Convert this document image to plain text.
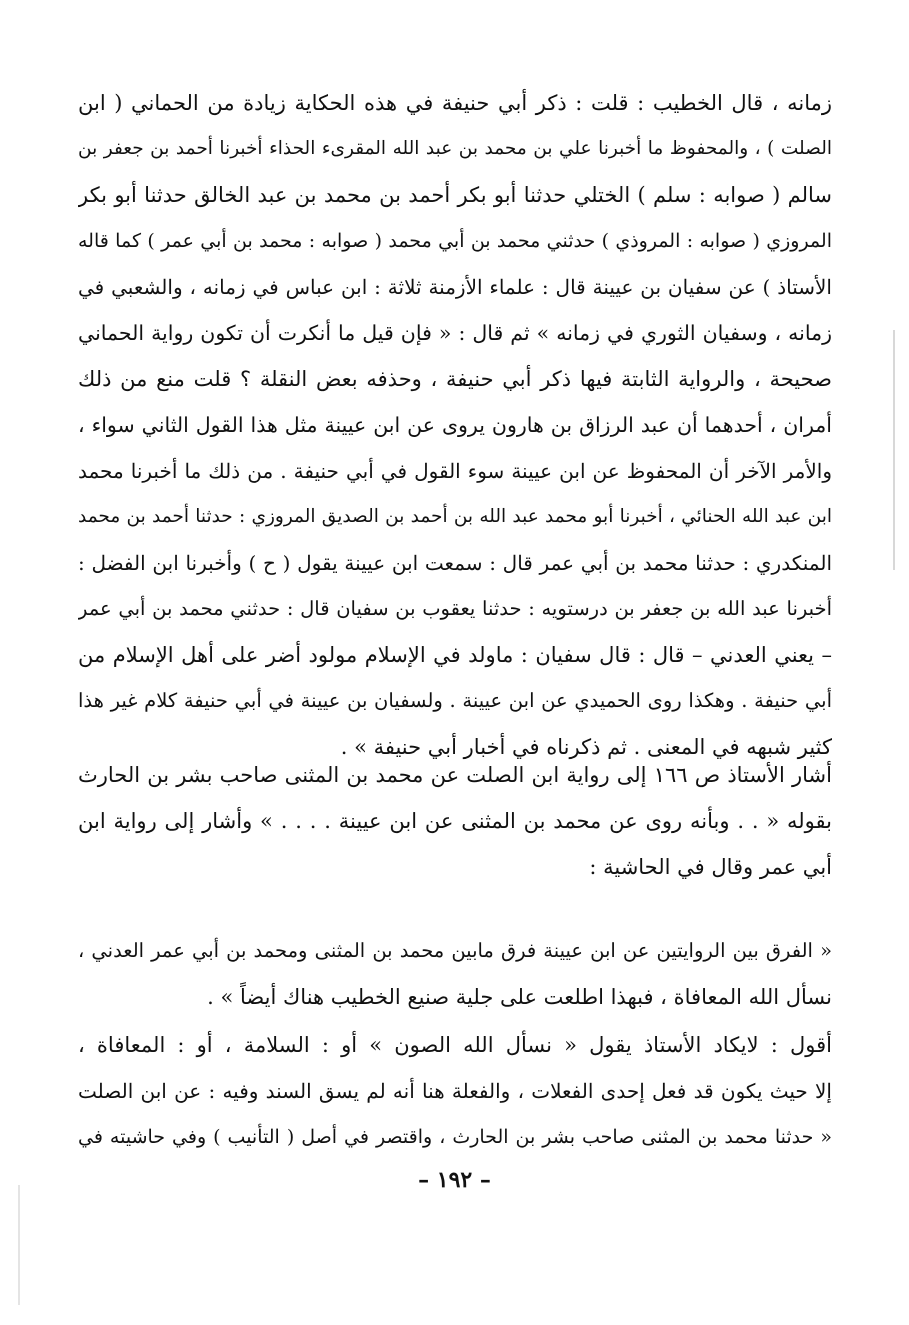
زمانه ، قال الخطيب : قلت : ذكر أبي حنيفة في هذه الحكاية زيادة من الحماني ( ابن
الصلت ) ، والمحفوظ ما أخبرنا علي بن محمد بن عبد الله المقرىء الحذاء أخبرنا أحمد بن جعفر بن
سالم ( صوابه : سلم ) الختلي حدثنا أبو بكر أحمد بن محمد بن عبد الخالق حدثنا أبو بكر
المروزي ( صوابه : المروذي ) حدثني محمد بن أبي محمد ( صوابه : محمد بن أبي عمر ) كما قاله
الأستاذ ) عن سفيان بن عيينة قال : علماء الأزمنة ثلاثة : ابن عباس في زمانه ، والشعبي في
زمانه ، وسفيان الثوري في زمانه » ثم قال : « فإن قيل ما أنكرت أن تكون رواية الحماني
صحيحة ، والرواية الثابتة فيها ذكر أبي حنيفة ، وحذفه بعض النقلة ؟ قلت منع من ذلك
أمران ، أحدهما أن عبد الرزاق بن هارون يروى عن ابن عيينة مثل هذا القول الثاني سواء ،
والأمر الآخر أن المحفوظ عن ابن عيينة سوء القول في أبي حنيفة . من ذلك ما أخبرنا محمد
ابن عبد الله الحنائي ، أخبرنا أبو محمد عبد الله بن أحمد بن الصديق المروزي : حدثنا أحمد بن محمد
المنكدري : حدثنا محمد بن أبي عمر قال : سمعت ابن عيينة يقول ( ح ) وأخبرنا ابن الفضل :
أخبرنا عبد الله بن جعفر بن درستويه : حدثنا يعقوب بن سفيان قال : حدثني محمد بن أبي عمر
– يعني العدني – قال : قال سفيان : ماولد في الإسلام مولود أضر على أهل الإسلام من
أبي حنيفة . وهكذا روى الحميدي عن ابن عيينة . ولسفيان بن عيينة في أبي حنيفة كلام غير هذا
كثير شبهه في المعنى . ثم ذكرناه في أخبار أبي حنيفة » .
أشار الأستاذ ص ١٦٦ إلى رواية ابن الصلت عن محمد بن المثنى صاحب بشر بن الحارث
بقوله « . . وبأنه روى عن محمد بن المثنى عن ابن عيينة . . . . » وأشار إلى رواية ابن
أبي عمر وقال في الحاشية :
« الفرق بين الروايتين عن ابن عيينة فرق مابين محمد بن المثنى ومحمد بن أبي عمر العدني ،
نسأل الله المعافاة ، فبهذا اطلعت على جلية صنيع الخطيب هناك أيضاً » .
أقول : لايكاد الأستاذ يقول « نسأل الله الصون » أو : السلامة ، أو : المعافاة ،
إلا حيث يكون قد فعل إحدى الفعلات ، والفعلة هنا أنه لم يسق السند وفيه : عن ابن الصلت
« حدثنا محمد بن المثنى صاحب بشر بن الحارث ، واقتصر في أصل ( التأنيب ) وفي حاشيته في
– ١٩٢ –
